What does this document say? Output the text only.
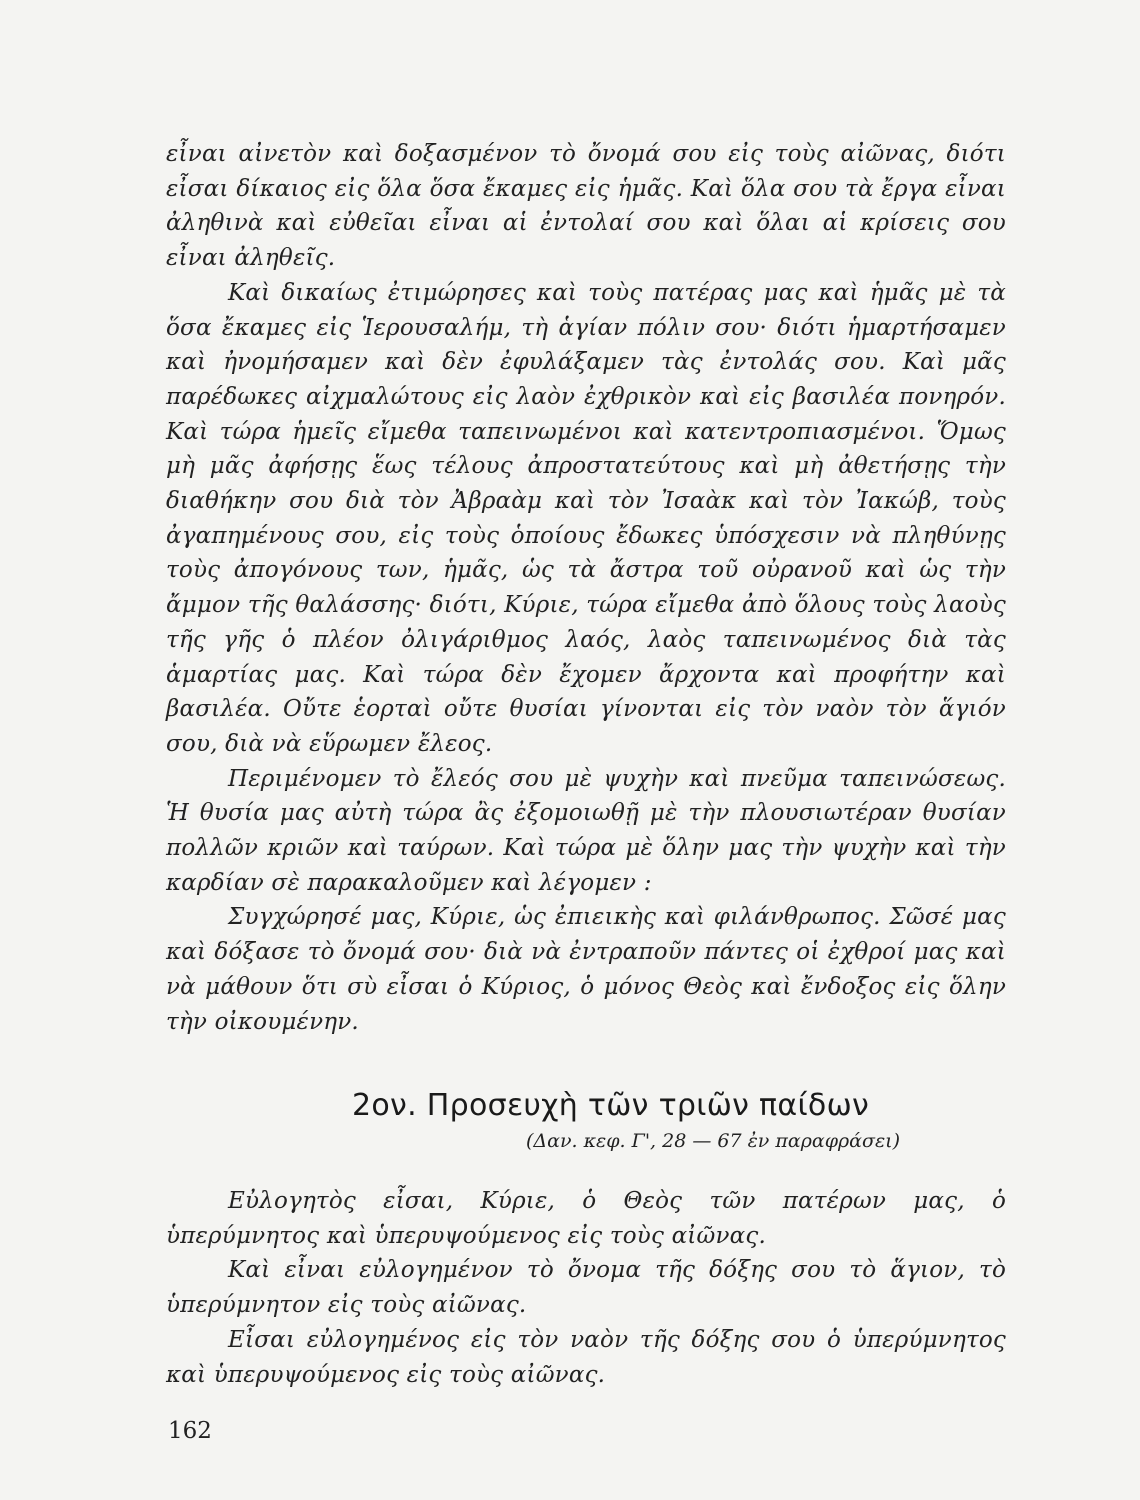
εἶναι αἰνετὸν καὶ δοξασμένον τὸ ὄνομά σου εἰς τοὺς αἰῶνας, διότι εἶσαι δίκαιος εἰς ὅλα ὅσα ἔκαμες εἰς ἡμᾶς. Καὶ ὅλα σου τὰ ἔργα εἶναι ἀληθινὰ καὶ εὐθεῖαι εἶναι αἱ ἐντολαί σου καὶ ὅλαι αἱ κρίσεις σου εἶναι ἀληθεῖς.

Καὶ δικαίως ἐτιμώρησες καὶ τοὺς πατέρας μας καὶ ἡμᾶς μὲ τὰ ὅσα ἔκαμες εἰς Ἱερουσαλήμ, τὴ ἁγίαν πόλιν σου· διότι ἡμαρτήσαμεν καὶ ἠνομήσαμεν καὶ δὲν ἐφυλάξαμεν τὰς ἐντολάς σου. Καὶ μᾶς παρέδωκες αἰχμαλώτους εἰς λαὸν ἐχθρικὸν καὶ εἰς βασιλέα πονηρόν. Καὶ τώρα ἡμεῖς εἴμεθα ταπεινωμένοι καὶ κατεντροπιασμένοι. Ὅμως μὴ μᾶς ἀφήσῃς ἕως τέλους ἀπροστατεύτους καὶ μὴ ἀθετήσῃς τὴν διαθήκην σου διὰ τὸν Ἀβραὰμ καὶ τὸν Ἰσαὰκ καὶ τὸν Ἰακώβ, τοὺς ἀγαπημένους σου, εἰς τοὺς ὁποίους ἔδωκες ὑπόσχεσιν νὰ πληθύνῃς τοὺς ἀπογόνους των, ἡμᾶς, ὡς τὰ ἄστρα τοῦ οὐρανοῦ καὶ ὡς τὴν ἄμμον τῆς θαλάσσης· διότι, Κύριε, τώρα εἴμεθα ἀπὸ ὅλους τοὺς λαοὺς τῆς γῆς ὁ πλέον ὀλιγάριθμος λαός, λαὸς ταπεινωμένος διὰ τὰς ἁμαρτίας μας. Καὶ τώρα δὲν ἔχομεν ἄρχοντα καὶ προφήτην καὶ βασιλέα. Οὔτε ἑορταὶ οὔτε θυσίαι γίνονται εἰς τὸν ναὸν τὸν ἅγιόν σου, διὰ νὰ εὕρωμεν ἔλεος.

Περιμένομεν τὸ ἔλεός σου μὲ ψυχὴν καὶ πνεῦμα ταπεινώσεως. Ἡ θυσία μας αὐτὴ τώρα ἂς ἐξομοιωθῇ μὲ τὴν πλουσιωτέραν θυσίαν πολλῶν κριῶν καὶ ταύρων. Καὶ τώρα μὲ ὅλην μας τὴν ψυχὴν καὶ τὴν καρδίαν σὲ παρακαλοῦμεν καὶ λέγομεν :

Συγχώρησέ μας, Κύριε, ὡς ἐπιεικὴς καὶ φιλάνθρωπος. Σῶσέ μας καὶ δόξασε τὸ ὄνομά σου· διὰ νὰ ἐντραποῦν πάντες οἱ ἐχθροί μας καὶ νὰ μάθουν ὅτι σὺ εἶσαι ὁ Κύριος, ὁ μόνος Θεὸς καὶ ἔνδοξος εἰς ὅλην τὴν οἰκουμένην.

2ον. Προσευχὴ τῶν τριῶν παίδων
(Δαν. κεφ. Γ', 28 — 67 ἐν παραφράσει)

Εὐλογητὸς εἶσαι, Κύριε, ὁ Θεὸς τῶν πατέρων μας, ὁ ὑπερύμνητος καὶ ὑπερυψούμενος εἰς τοὺς αἰῶνας.

Καὶ εἶναι εὐλογημένον τὸ ὄνομα τῆς δόξης σου τὸ ἅγιον, τὸ ὑπερύμνητον εἰς τοὺς αἰῶνας.

Εἶσαι εὐλογημένος εἰς τὸν ναὸν τῆς δόξης σου ὁ ὑπερύμνητος καὶ ὑπερυψούμενος εἰς τοὺς αἰῶνας.

162
